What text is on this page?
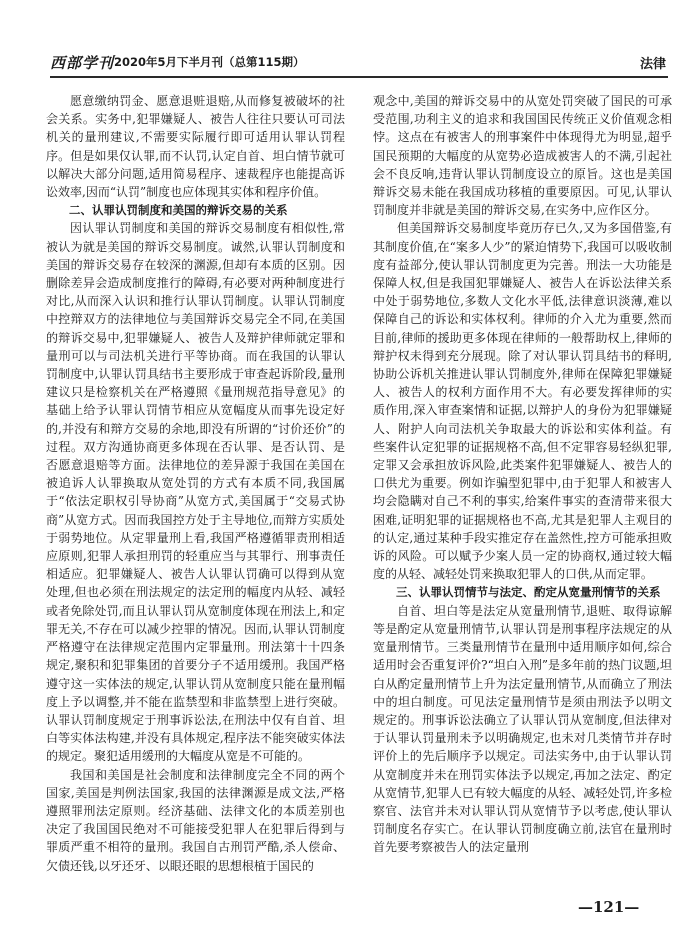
西部学刊 2020年5月下半月刊（总第115期）	法律

愿意缴纳罚金、愿意退赃退赔,从而修复被破坏的社会关系。实务中,犯罪嫌疑人、被告人往往只要认可司法机关的量刑建议,不需要实际履行即可适用认罪认罚程序。但是如果仅认罪,而不认罚,认定自首、坦白情节就可以解决大部分问题,适用简易程序、速裁程序也能提高诉讼效率,因而“认罚”制度也应体现其实体和程序价值。

二、认罪认罚制度和美国的辩诉交易的关系

因认罪认罚制度和美国的辩诉交易制度有相似性,常被认为就是美国的辩诉交易制度。诚然,认罪认罚制度和美国的辩诉交易存在较深的渊源,但却有本质的区别。因删除差异会造成制度推行的障碍,有必要对两种制度进行对比,从而深入认识和推行认罪认罚制度。认罪认罚制度中控辩双方的法律地位与美国辩诉交易完全不同,在美国的辩诉交易中,犯罪嫌疑人、被告人及辩护律师就定罪和量刑可以与司法机关进行平等协商。而在我国的认罪认罚制度中,认罪认罚具结书主要形成于审查起诉阶段,量刑建议只是检察机关在严格遵照《量刑规范指导意见》的基础上给予认罪认罚情节相应从宽幅度从而事先设定好的,并没有和辩方交易的余地,即没有所谓的“讨价还价”的过程。双方沟通协商更多体现在否认罪、是否认罚、是否愿意退赔等方面。法律地位的差异源于我国在美国在被追诉人认罪换取从宽处罚的方式有本质不同,我国属于“依法定职权引导协商”从宽方式,美国属于“交易式协商”从宽方式。因而我国控方处于主导地位,而辩方实质处于弱势地位。从定罪量刑上看,我国严格遵循罪责刑相适应原则,犯罪人承担刑罚的轻重应当与其罪行、刑事责任相适应。犯罪嫌疑人、被告人认罪认罚确可以得到从宽处理,但也必须在刑法规定的法定刑的幅度内从轻、减轻或者免除处罚,而且认罪认罚从宽制度体现在刑法上,和定罪无关,不存在可以减少控罪的情况。因而,认罪认罚制度严格遵守在法律规定范围内定罪量刑。刑法第十十四条规定,聚积和犯罪集团的首要分子不适用缓刑。我国严格遵守这一实体法的规定,认罪认罚从宽制度只能在量刑幅度上予以调整,并不能在监禁型和非监禁型上进行突破。认罪认罚制度规定于刑事诉讼法,在刑法中仅有自首、坦白等实体法构建,并没有具体规定,程序法不能突破实体法的规定。聚犯适用缓刑的大幅度从宽是不可能的。

我国和美国是社会制度和法律制度完全不同的两个国家,美国是判例法国家,我国的法律渊源是成文法,严格遵照罪刑法定原则。经济基础、法律文化的本质差别也决定了我国国民绝对不可能接受犯罪人在犯罪后得到与罪质严重不相符的量刑。我国自古刑罚严酷,杀人偿命、欠债还钱,以牙还牙、以眼还眼的思想根植于国民的

观念中,美国的辩诉交易中的从宽处罚突破了国民的可承受范围,功利主义的追求和我国国民传统正义价值观念相悖。这点在有被害人的刑事案件中体现得尤为明显,超乎国民预期的大幅度的从宽势必造成被害人的不满,引起社会不良反响,违背认罪认罚制度设立的原旨。这也是美国辩诉交易未能在我国成功移植的重要原因。可见,认罪认罚制度并非就是美国的辩诉交易,在实务中,应作区分。

但美国辩诉交易制度毕竟历存已久,又为多国借鉴,有其制度价值,在“案多人少”的紧迫情势下,我国可以吸收制度有益部分,使认罪认罚制度更为完善。刑法一大功能是保障人权,但是我国犯罪嫌疑人、被告人在诉讼法律关系中处于弱势地位,多数人文化水平低,法律意识淡薄,难以保障自己的诉讼和实体权利。律师的介入尤为重要,然而目前,律师的援助更多体现在律师的一般帮助权上,律师的辩护权未得到充分展现。除了对认罪认罚具结书的释明,协助公诉机关推进认罪认罚制度外,律师在保障犯罪嫌疑人、被告人的权利方面作用不大。有必要发挥律师的实质作用,深入审查案情和证据,以辩护人的身份为犯罪嫌疑人、附护人向司法机关争取最大的诉讼和实体利益。有些案件认定犯罪的证据规格不高,但不定罪容易轻纵犯罪,定罪又会承担放诉风险,此类案件犯罪嫌疑人、被告人的口供尤为重要。例如诈骗型犯罪中,由于犯罪人和被害人均会隐瞒对自己不利的事实,给案件事实的查清带来很大困难,证明犯罪的证据规格也不高,尤其是犯罪人主观目的的认定,通过某种手段实推定存在盖然性,控方可能承担败诉的风险。可以赋予少案人员一定的协商权,通过较大幅度的从轻、减轻处罚来换取犯罪人的口供,从而定罪。

三、认罪认罚情节与法定、酌定从宽量刑情节的关系

自首、坦白等是法定从宽量刑情节,退赃、取得谅解等是酌定从宽量刑情节,认罪认罚是刑事程序法规定的从宽量刑情节。三类量刑情节在量刑中适用顺序如何,综合适用时会否重复评价?“坦白入刑”是多年前的热门议题,坦白从酌定量刑情节上升为法定量刑情节,从而确立了刑法中的坦白制度。可见法定量刑情节是须由刑法予以明文规定的。刑事诉讼法确立了认罪认罚从宽制度,但法律对于认罪认罚量刑未予以明确规定,也未对几类情节并存时评价上的先后顺序予以规定。司法实务中,由于认罪认罚从宽制度并未在刑罚实体法予以规定,再加之法定、酌定从宽情节,犯罪人已有较大幅度的从轻、减轻处罚,许多检察官、法官并未对认罪认罚从宽情节予以考虑,使认罪认罚制度名存实亡。在认罪认罚制度确立前,法官在量刑时首先要考察被告人的法定量刑

—121—
